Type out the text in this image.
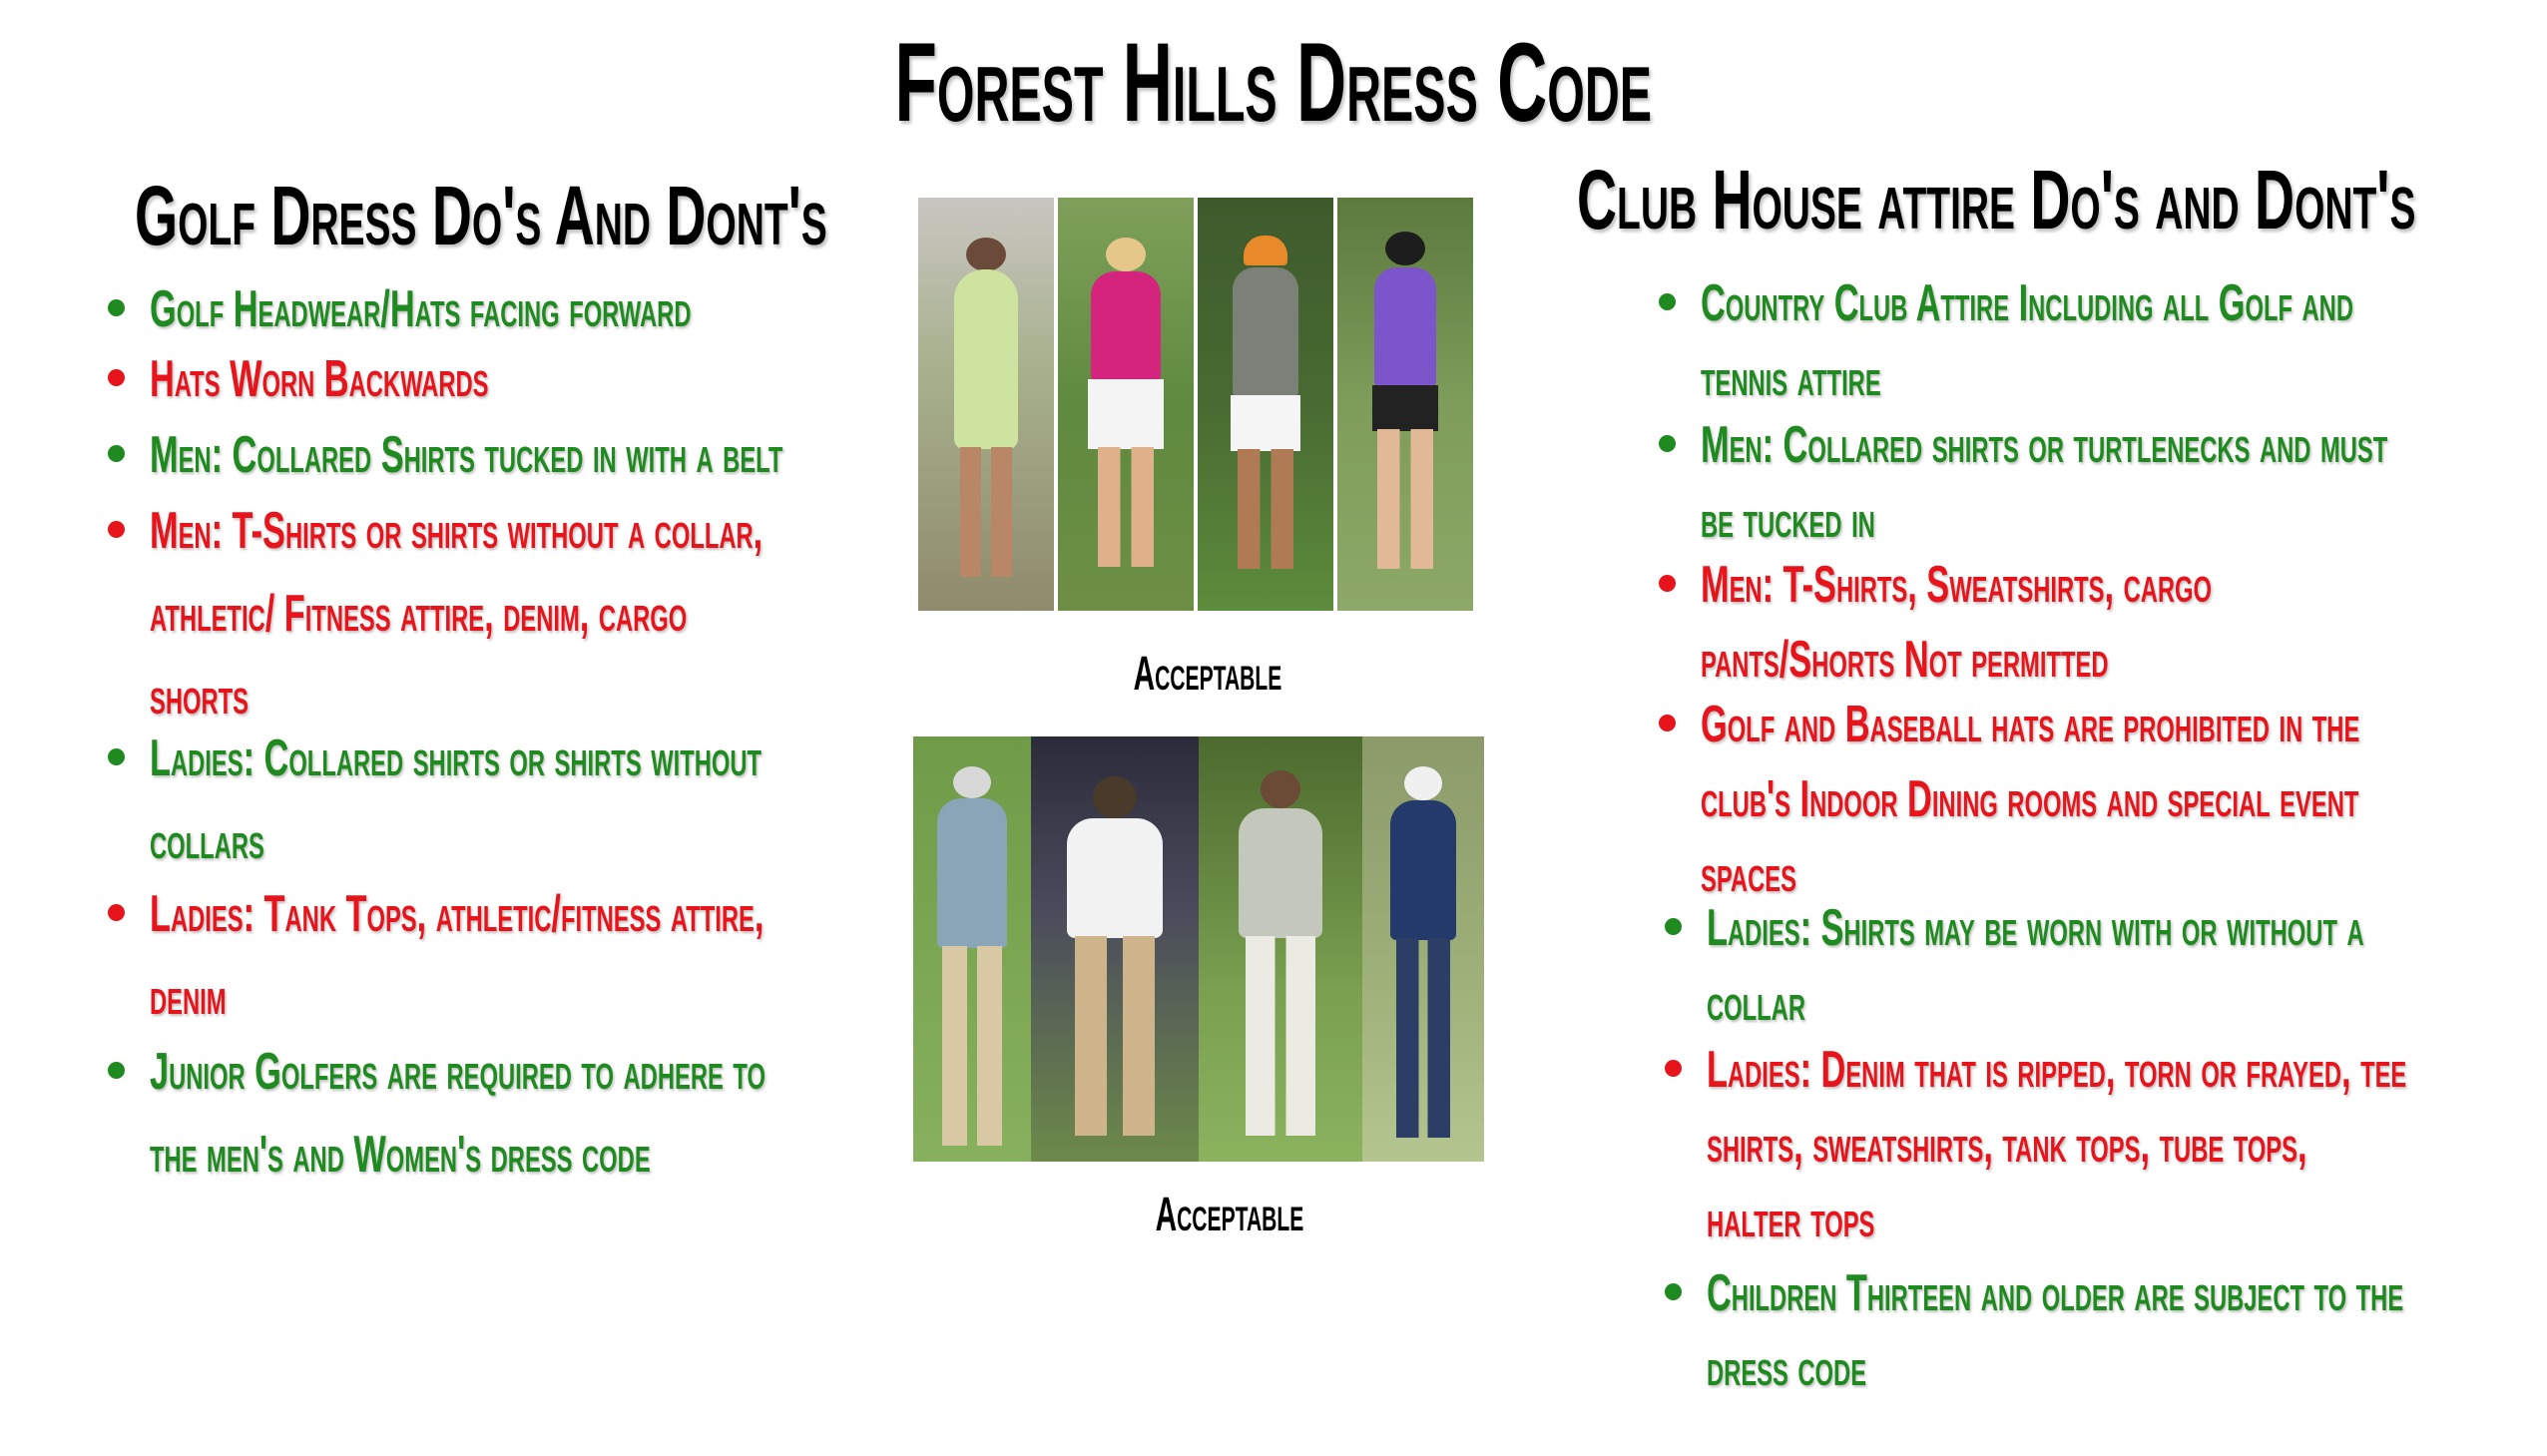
Forest Hills Dress Code
Golf Dress Do's And Dont's	Club House attire Do's and Dont's
Golf Headwear/Hats facing forward
Hats Worn Backwards
Men: Collared Shirts tucked in with a belt
Men: T-Shirts or shirts without a collar,
athletic/ Fitness attire, denim, cargo
shorts
Ladies: Collared shirts or shirts without
collars
Ladies: Tank Tops, athletic/fitness attire,
denim
Junior Golfers are required to adhere to
the men's and Women's dress code
Country Club Attire Including all Golf and
tennis attire
Men: Collared shirts or turtlenecks and must
be tucked in
Men: T-Shirts, Sweatshirts, cargo
pants/Shorts Not permitted
Golf and Baseball hats are prohibited in the
club's Indoor Dining rooms and special event
spaces
Ladies: Shirts may be worn with or without a
collar
Ladies: Denim that is ripped, torn or frayed, tee
shirts, sweatshirts, tank tops, tube tops,
halter tops
Children Thirteen and older are subject to the
dress code
Acceptable
Acceptable
